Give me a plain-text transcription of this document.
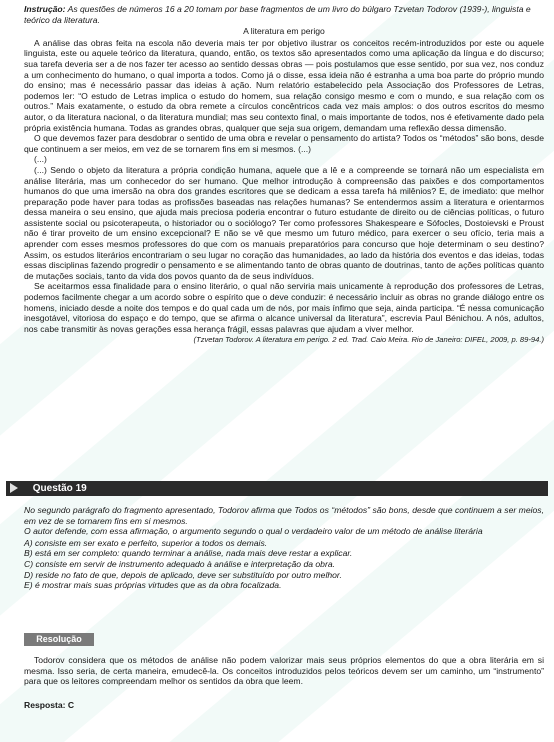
Instrução: As questões de números 16 a 20 tomam por base fragmentos de um livro do búlgaro Tzvetan Todorov (1939-), linguista e teórico da literatura.

A literatura em perigo

A análise das obras feita na escola não deveria mais ter por objetivo ilustrar os conceitos recém-introduzidos por este ou aquele linguista, este ou aquele teórico da literatura, quando, então, os textos são apresentados como uma aplicação da língua e do discurso; sua tarefa deveria ser a de nos fazer ter acesso ao sentido dessas obras — pois postulamos que esse sentido, por sua vez, nos conduz a um conhecimento do humano, o qual importa a todos. Como já o disse, essa ideia não é estranha a uma boa parte do próprio mundo do ensino; mas é necessário passar das ideias à ação. Num relatório estabelecido pela Associação dos Professores de Letras, podemos ler: “O estudo de Letras implica o estudo do homem, sua relação consigo mesmo e com o mundo, e sua relação com os outros.” Mais exatamente, o estudo da obra remete a círculos concêntricos cada vez mais amplos: o dos outros escritos do mesmo autor, o da literatura nacional, o da literatura mundial; mas seu contexto final, o mais importante de todos, nos é efetivamente dado pela própria existência humana. Todas as grandes obras, qualquer que seja sua origem, demandam uma reflexão dessa dimensão.

O que devemos fazer para desdobrar o sentido de uma obra e revelar o pensamento do artista? Todos os “métodos” são bons, desde que continuem a ser meios, em vez de se tornarem fins em si mesmos. (...)

(...)

(...) Sendo o objeto da literatura a própria condição humana, aquele que a lê e a compreende se tornará não um especialista em análise literária, mas um conhecedor do ser humano. Que melhor introdução à compreensão das paixões e dos comportamentos humanos do que uma imersão na obra dos grandes escritores que se dedicam a essa tarefa há milênios? E, de imediato: que melhor preparação pode haver para todas as profissões baseadas nas relações humanas? Se entendermos assim a literatura e orientarmos dessa maneira o seu ensino, que ajuda mais preciosa poderia encontrar o futuro estudante de direito ou de ciências políticas, o futuro assistente social ou psicoterapeuta, o historiador ou o sociólogo? Ter como professores Shakespeare e Sófocles, Dostoievski e Proust não é tirar proveito de um ensino excepcional? E não se vê que mesmo um futuro médico, para exercer o seu ofício, teria mais a aprender com esses mesmos professores do que com os manuais preparatórios para concurso que hoje determinam o seu destino? Assim, os estudos literários encontrariam o seu lugar no coração das humanidades, ao lado da história dos eventos e das ideias, todas essas disciplinas fazendo progredir o pensamento e se alimentando tanto de obras quanto de doutrinas, tanto de ações políticas quanto de mutações sociais, tanto da vida dos povos quanto da de seus indivíduos.

Se aceitarmos essa finalidade para o ensino literário, o qual não serviria mais unicamente à reprodução dos professores de Letras, podemos facilmente chegar a um acordo sobre o espírito que o deve conduzir: é necessário incluir as obras no grande diálogo entre os homens, iniciado desde a noite dos tempos e do qual cada um de nós, por mais ínfimo que seja, ainda participa. “É nessa comunicação inesgotável, vitoriosa do espaço e do tempo, que se afirma o alcance universal da literatura”, escrevia Paul Bénichou. A nós, adultos, nos cabe transmitir às novas gerações essa herança frágil, essas palavras que ajudam a viver melhor.

(Tzvetan Todorov. A literatura em perigo. 2 ed. Trad. Caio Meira. Rio de Janeiro: DIFEL, 2009, p. 89-94.)

Questão 19

No segundo parágrafo do fragmento apresentado, Todorov afirma que Todos os “métodos” são bons, desde que continuem a ser meios, em vez de se tornarem fins em si mesmos.

O autor defende, com essa afirmação, o argumento segundo o qual o verdadeiro valor de um método de análise literária

A) consiste em ser exato e perfeito, superior a todos os demais.
B) está em ser completo: quando terminar a análise, nada mais deve restar a explicar.
C) consiste em servir de instrumento adequado à análise e interpretação da obra.
D) reside no fato de que, depois de aplicado, deve ser substituído por outro melhor.
E) é mostrar mais suas próprias virtudes que as da obra focalizada.
Resolução

Todorov considera que os métodos de análise não podem valorizar mais seus próprios elementos do que a obra literária em si mesma. Isso seria, de certa maneira, emudecê-la. Os conceitos introduzidos pelos teóricos devem ser um caminho, um “instrumento” para que os leitores compreendam melhor os sentidos da obra que leem.

Resposta: C
